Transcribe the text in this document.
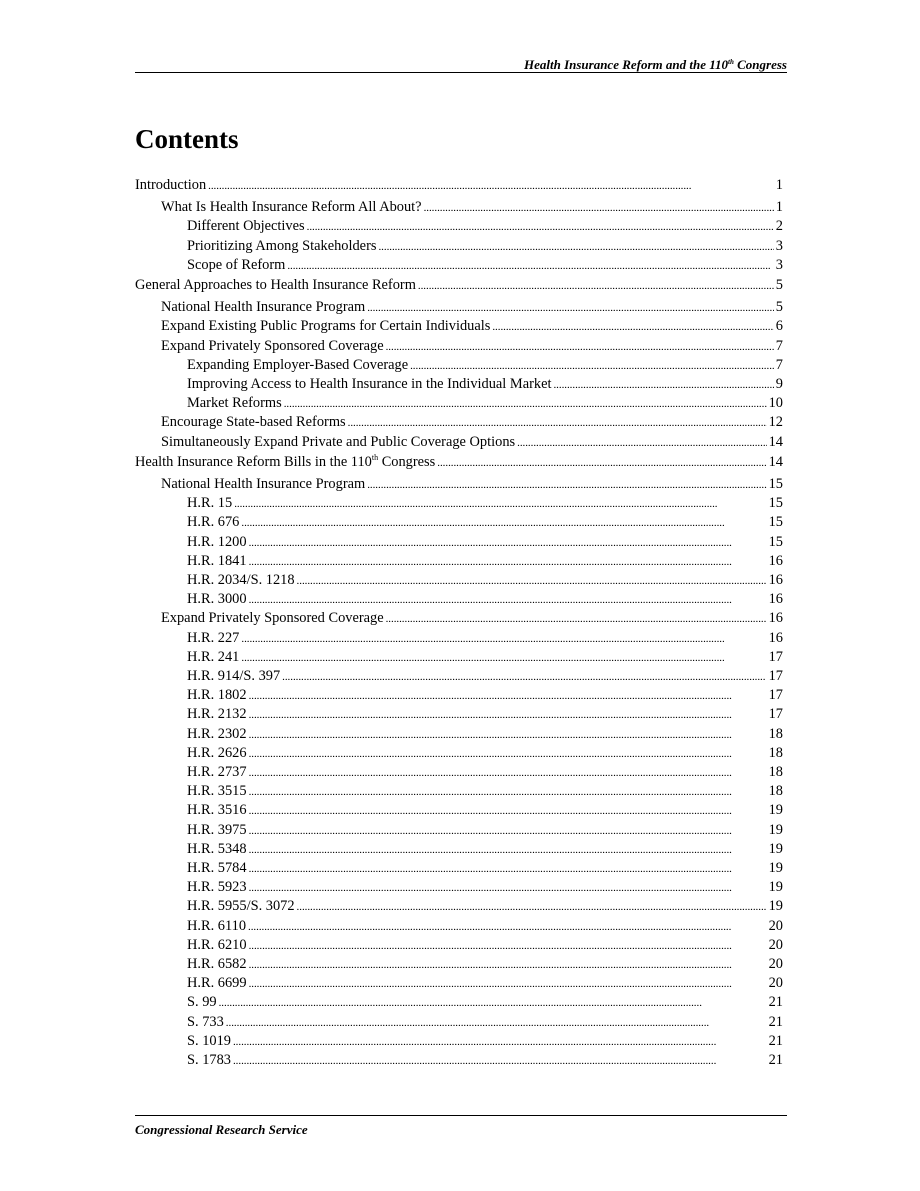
Health Insurance Reform and the 110th Congress
Contents
Introduction . . .	1
What Is Health Insurance Reform All About? . . .	1
Different Objectives . . .	2
Prioritizing Among Stakeholders . . .	3
Scope of Reform . . .	3
General Approaches to Health Insurance Reform . . .	5
National Health Insurance Program . . .	5
Expand Existing Public Programs for Certain Individuals . . .	6
Expand Privately Sponsored Coverage . . .	7
Expanding Employer-Based Coverage . . .	7
Improving Access to Health Insurance in the Individual Market . . .	9
Market Reforms . . .	10
Encourage State-based Reforms . . .	12
Simultaneously Expand Private and Public Coverage Options . . .	14
Health Insurance Reform Bills in the 110th Congress . . .	14
National Health Insurance Program . . .	15
H.R. 15 . . .	15
H.R. 676 . . .	15
H.R. 1200 . . .	15
H.R. 1841 . . .	16
H.R. 2034/S. 1218 . . .	16
H.R. 3000 . . .	16
Expand Privately Sponsored Coverage . . .	16
H.R. 227 . . .	16
H.R. 241 . . .	17
H.R. 914/S. 397 . . .	17
H.R. 1802 . . .	17
H.R. 2132 . . .	17
H.R. 2302 . . .	18
H.R. 2626 . . .	18
H.R. 2737 . . .	18
H.R. 3515 . . .	18
H.R. 3516 . . .	19
H.R. 3975 . . .	19
H.R. 5348 . . .	19
H.R. 5784 . . .	19
H.R. 5923 . . .	19
H.R. 5955/S. 3072 . . .	19
H.R. 6110 . . .	20
H.R. 6210 . . .	20
H.R. 6582 . . .	20
H.R. 6699 . . .	20
S. 99 . . .	21
S. 733 . . .	21
S. 1019 . . .	21
S. 1783 . . .	21
Congressional Research Service
